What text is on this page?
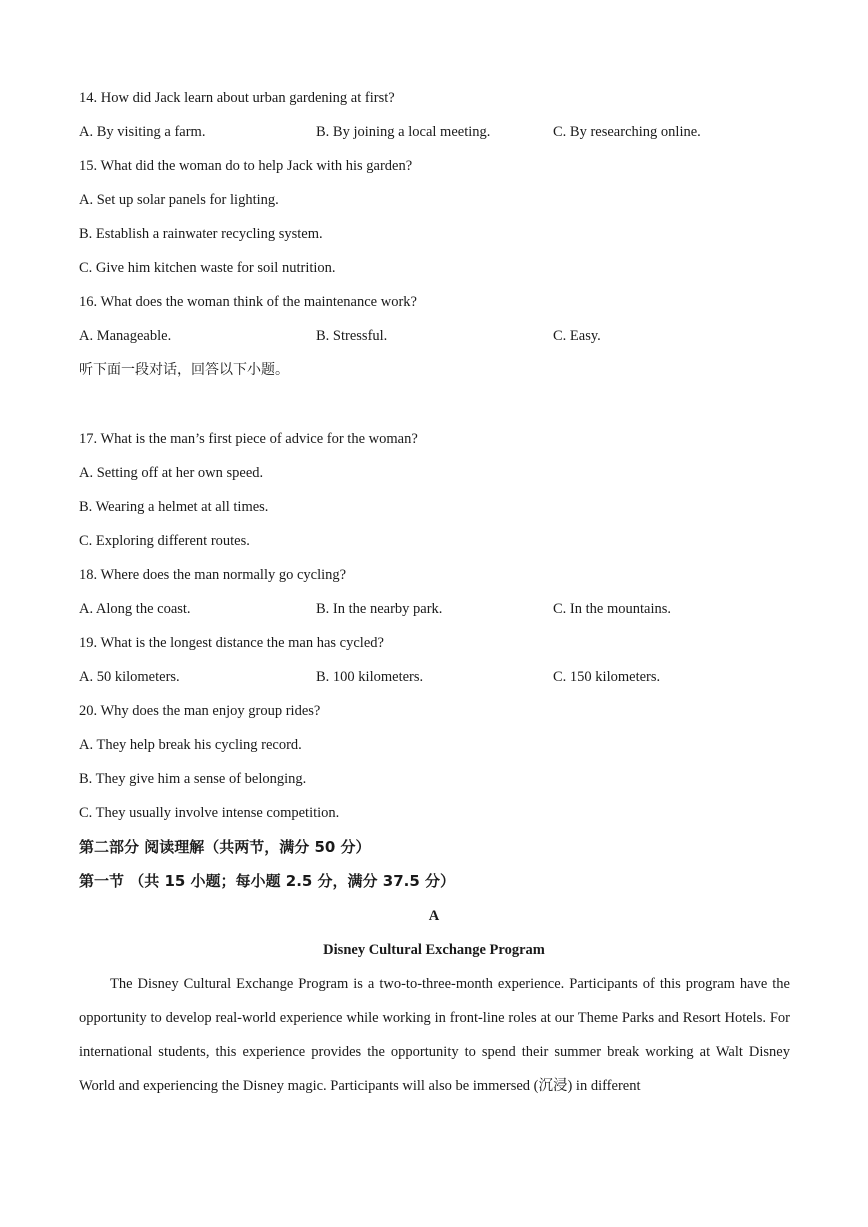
14. How did Jack learn about urban gardening at first?
A. By visiting a farm.	B. By joining a local meeting.	C. By researching online.
15. What did the woman do to help Jack with his garden?
A. Set up solar panels for lighting.
B. Establish a rainwater recycling system.
C. Give him kitchen waste for soil nutrition.
16. What does the woman think of the maintenance work?
A. Manageable.	B. Stressful.	C. Easy.
听下面一段对话，回答以下小题。
17. What is the man’s first piece of advice for the woman?
A. Setting off at her own speed.
B. Wearing a helmet at all times.
C. Exploring different routes.
18. Where does the man normally go cycling?
A. Along the coast.	B. In the nearby park.	C. In the mountains.
19. What is the longest distance the man has cycled?
A. 50 kilometers.	B. 100 kilometers.	C. 150 kilometers.
20. Why does the man enjoy group rides?
A. They help break his cycling record.
B. They give him a sense of belonging.
C. They usually involve intense competition.
第二部分 阅读理解（共两节，满分 50 分）
第一节 （共 15 小题；每小题 2.5 分，满分 37.5 分）
A
Disney Cultural Exchange Program
The Disney Cultural Exchange Program is a two-to-three-month experience. Participants of this program have the opportunity to develop real-world experience while working in front-line roles at our Theme Parks and Resort Hotels. For international students, this experience provides the opportunity to spend their summer break working at Walt Disney World and experiencing the Disney magic. Participants will also be immersed (沉浸) in different
